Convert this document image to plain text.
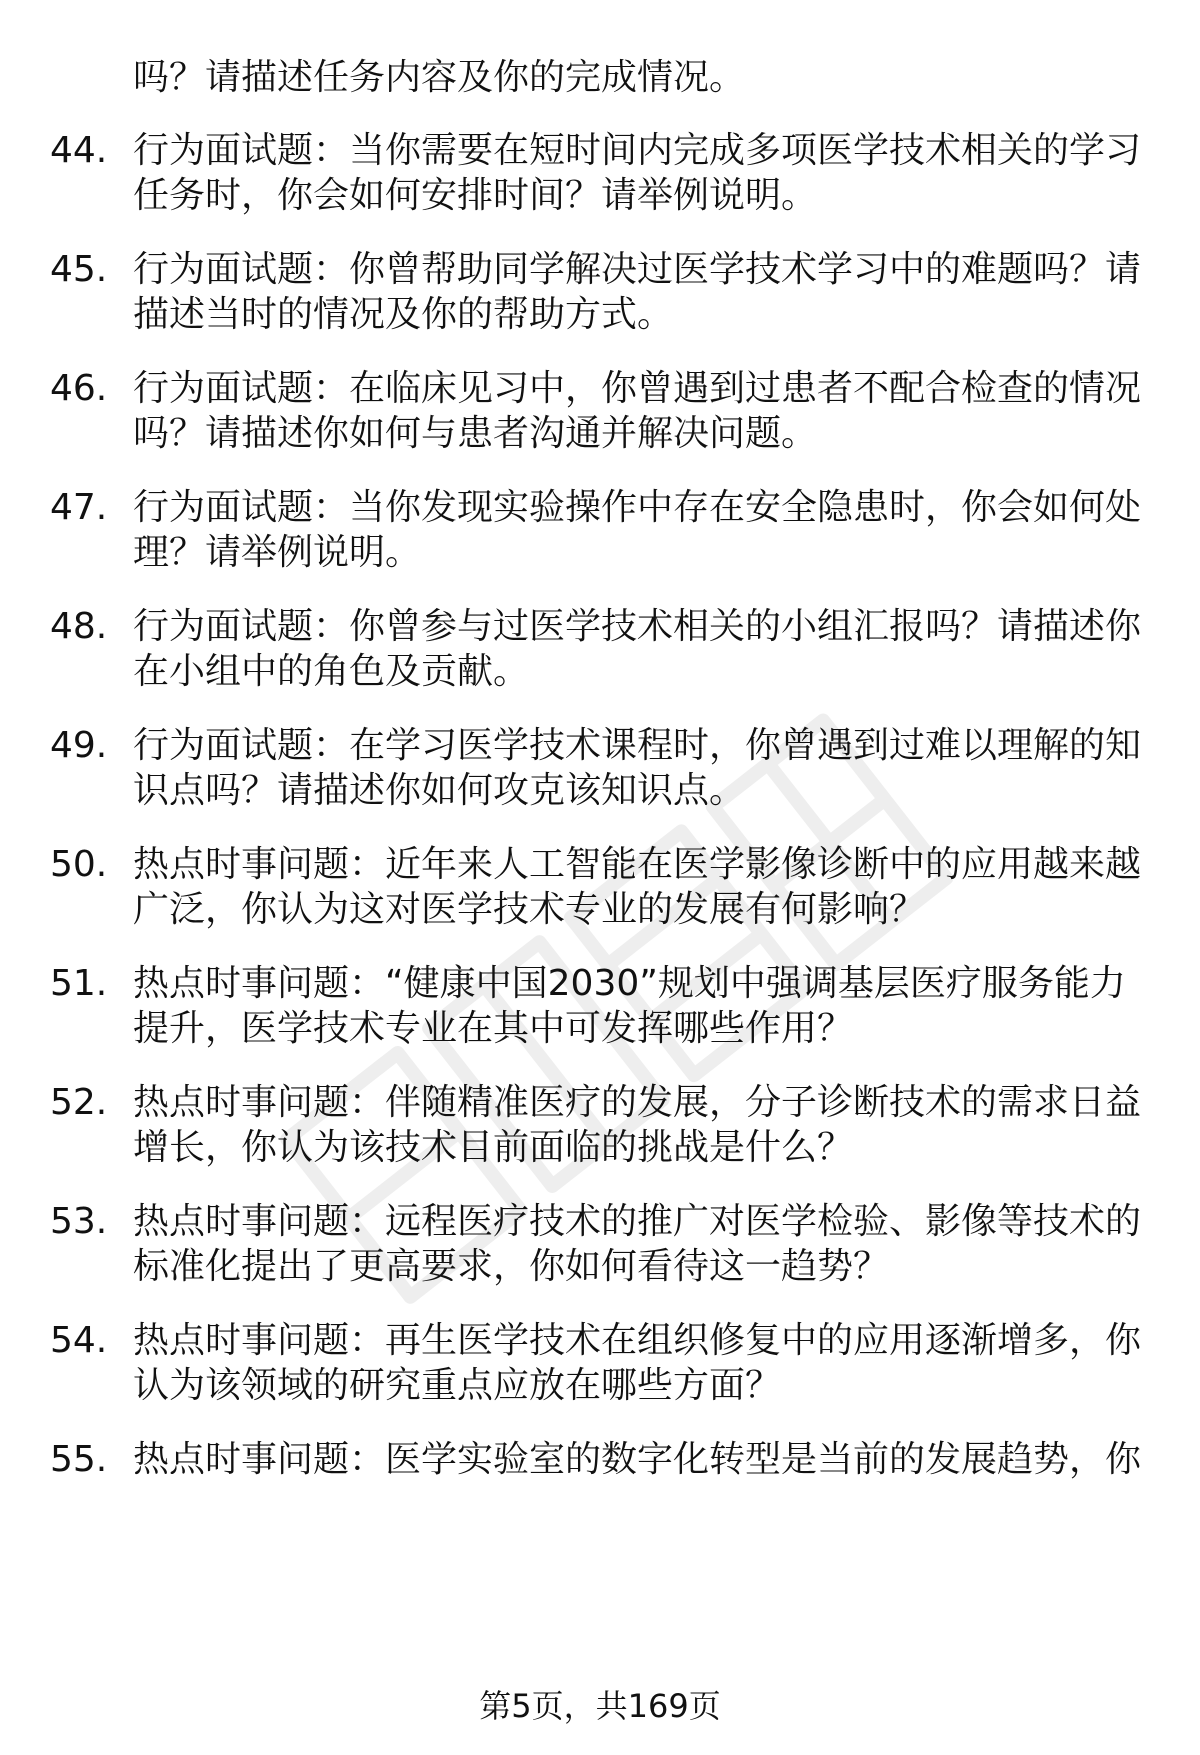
吗？请描述任务内容及你的完成情况。
44. 行为面试题：当你需要在短时间内完成多项医学技术相关的学习
任务时，你会如何安排时间？请举例说明。
45. 行为面试题：你曾帮助同学解决过医学技术学习中的难题吗？请
描述当时的情况及你的帮助方式。
46. 行为面试题：在临床见习中，你曾遇到过患者不配合检查的情况
吗？请描述你如何与患者沟通并解决问题。
47. 行为面试题：当你发现实验操作中存在安全隐患时，你会如何处
理？请举例说明。
48. 行为面试题：你曾参与过医学技术相关的小组汇报吗？请描述你
在小组中的角色及贡献。
49. 行为面试题：在学习医学技术课程时，你曾遇到过难以理解的知
识点吗？请描述你如何攻克该知识点。
50. 热点时事问题：近年来人工智能在医学影像诊断中的应用越来越
广泛，你认为这对医学技术专业的发展有何影响？
51. 热点时事问题：“健康中国2030”规划中强调基层医疗服务能力
提升，医学技术专业在其中可发挥哪些作用？
52. 热点时事问题：伴随精准医疗的发展，分子诊断技术的需求日益
增长，你认为该技术目前面临的挑战是什么？
53. 热点时事问题：远程医疗技术的推广对医学检验、影像等技术的
标准化提出了更高要求，你如何看待这一趋势？
54. 热点时事问题：再生医学技术在组织修复中的应用逐渐增多，你
认为该领域的研究重点应放在哪些方面？
55. 热点时事问题：医学实验室的数字化转型是当前的发展趋势，你
第5页，共169页
